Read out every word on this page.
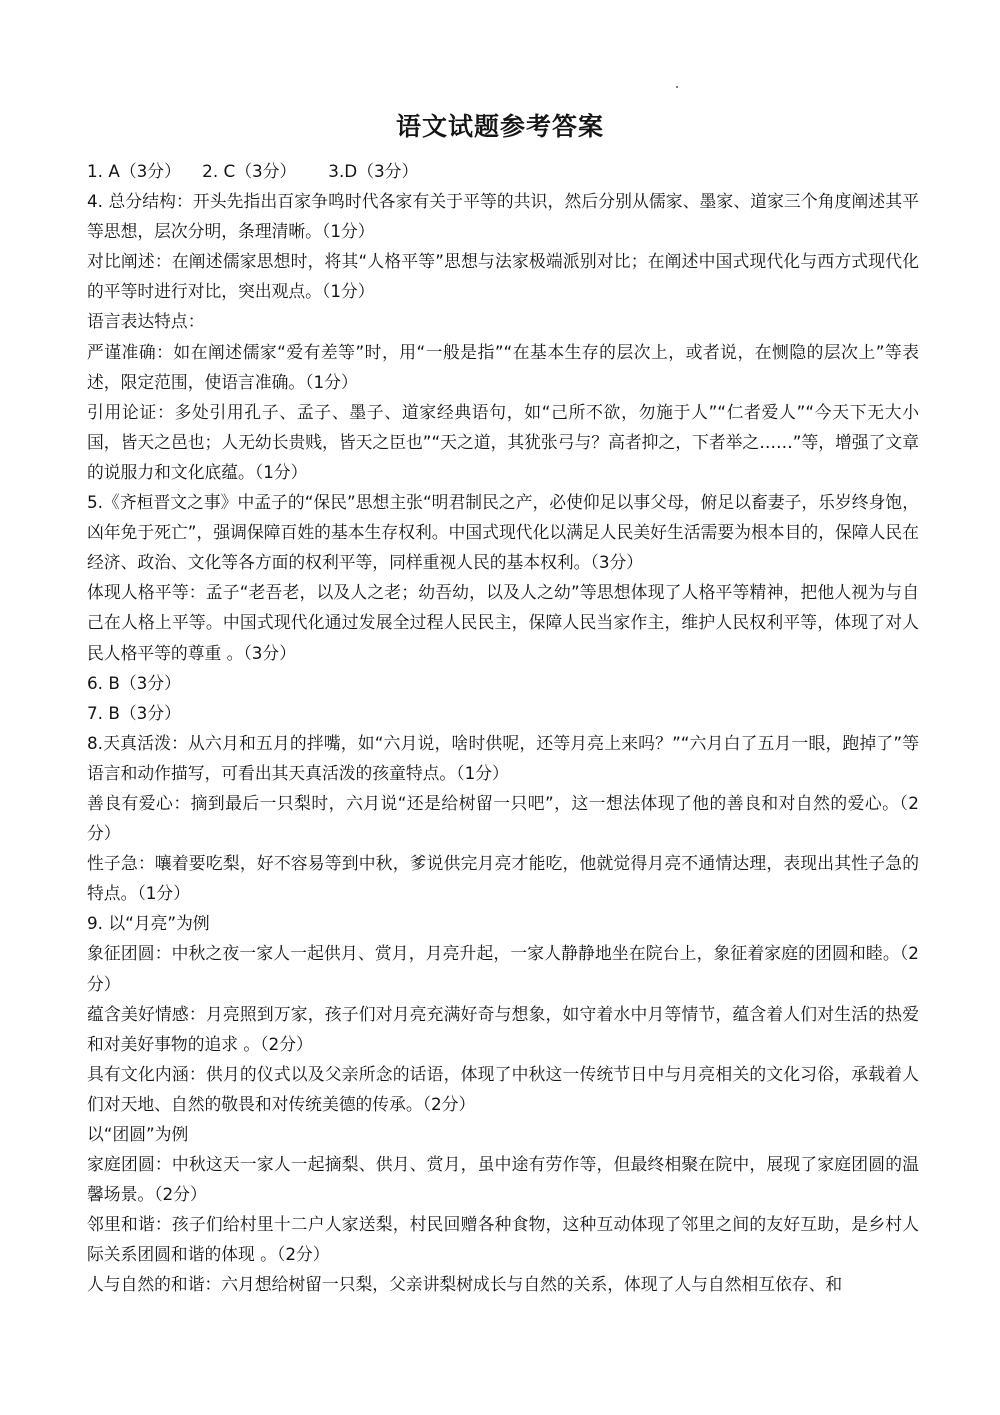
语文试题参考答案

1. A（3分）    2. C（3分）      3.D（3分）

4. 总分结构：开头先指出百家争鸣时代各家有关于平等的共识，然后分别从儒家、墨家、道家三个角度阐述其平等思想，层次分明，条理清晰。（1分）

对比阐述：在阐述儒家思想时，将其“人格平等”思想与法家极端派别对比；在阐述中国式现代化与西方式现代化的平等时进行对比，突出观点。（1分）

语言表达特点：

严谨准确：如在阐述儒家“爱有差等”时，用“一般是指”“在基本生存的层次上，或者说，在恻隐的层次上”等表述，限定范围，使语言准确。（1分）

引用论证：多处引用孔子、孟子、墨子、道家经典语句，如“己所不欲，勿施于人”“仁者爱人”“今天下无大小国，皆天之邑也；人无幼长贵贱，皆天之臣也”“天之道，其犹张弓与？高者抑之，下者举之……”等，增强了文章的说服力和文化底蕴。（1分）

5.《齐桓晋文之事》中孟子的“保民”思想主张“明君制民之产，必使仰足以事父母，俯足以畜妻子，乐岁终身饱，凶年免于死亡”，强调保障百姓的基本生存权利。中国式现代化以满足人民美好生活需要为根本目的，保障人民在经济、政治、文化等各方面的权利平等，同样重视人民的基本权利。（3分）

体现人格平等：孟子“老吾老，以及人之老；幼吾幼，以及人之幼”等思想体现了人格平等精神，把他人视为与自己在人格上平等。中国式现代化通过发展全过程人民民主，保障人民当家作主，维护人民权利平等，体现了对人民人格平等的尊重 。（3分）

6. B（3分）

7. B（3分）

8.天真活泼：从六月和五月的拌嘴，如“六月说，啥时供呢，还等月亮上来吗？”“六月白了五月一眼，跑掉了”等语言和动作描写，可看出其天真活泼的孩童特点。（1分）

善良有爱心：摘到最后一只梨时，六月说“还是给树留一只吧”，这一想法体现了他的善良和对自然的爱心。（2分）

性子急：嚷着要吃梨，好不容易等到中秋，爹说供完月亮才能吃，他就觉得月亮不通情达理，表现出其性子急的特点。（1分）

9. 以“月亮”为例

象征团圆：中秋之夜一家人一起供月、赏月，月亮升起，一家人静静地坐在院台上，象征着家庭的团圆和睦。（2分）

蕴含美好情感：月亮照到万家，孩子们对月亮充满好奇与想象，如守着水中月等情节，蕴含着人们对生活的热爱和对美好事物的追求 。（2分）

具有文化内涵：供月的仪式以及父亲所念的话语，体现了中秋这一传统节日中与月亮相关的文化习俗，承载着人们对天地、自然的敬畏和对传统美德的传承。（2分）

以“团圆”为例

家庭团圆：中秋这天一家人一起摘梨、供月、赏月，虽中途有劳作等，但最终相聚在院中，展现了家庭团圆的温馨场景。（2分）

邻里和谐：孩子们给村里十二户人家送梨，村民回赠各种食物，这种互动体现了邻里之间的友好互助，是乡村人际关系团圆和谐的体现 。（2分）

人与自然的和谐：六月想给树留一只梨，父亲讲梨树成长与自然的关系，体现了人与自然相互依存、和
